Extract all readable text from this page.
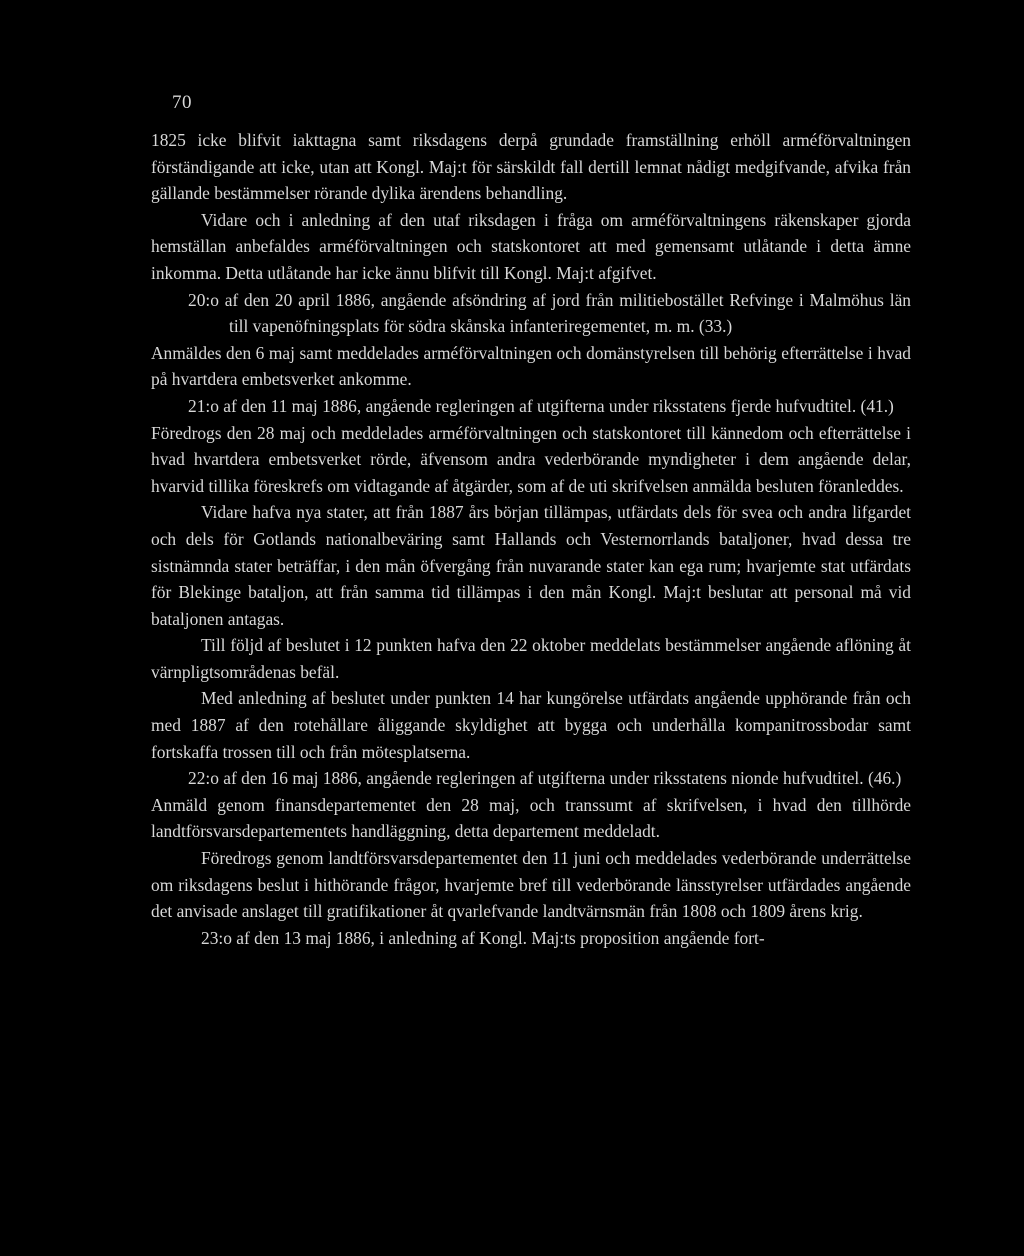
70

1825 icke blifvit iakttagna samt riksdagens derpå grundade framställning erhöll arméförvaltningen förständigande att icke, utan att Kongl. Maj:t för särskildt fall dertill lemnat nådigt medgifvande, afvika från gällande bestämmelser rörande dylika ärendens behandling.

Vidare och i anledning af den utaf riksdagen i fråga om arméförvaltningens räkenskaper gjorda hemställan anbefaldes arméförvaltningen och statskontoret att med gemensamt utlåtande i detta ämne inkomma. Detta utlåtande har icke ännu blifvit till Kongl. Maj:t afgifvet.

20:o af den 20 april 1886, angående afsöndring af jord från militiebostället Refvinge i Malmöhus län till vapenöfningsplats för södra skånska infanteriregementet, m. m. (33.)

Anmäldes den 6 maj samt meddelades arméförvaltningen och domänstyrelsen till behörig efterrättelse i hvad på hvartdera embetsverket ankomme.

21:o af den 11 maj 1886, angående regleringen af utgifterna under riksstatens fjerde hufvudtitel. (41.)

Föredrogs den 28 maj och meddelades arméförvaltningen och statskontoret till kännedom och efterrättelse i hvad hvartdera embetsverket rörde, äfvensom andra vederbörande myndigheter i dem angående delar, hvarvid tillika föreskrefs om vidtagande af åtgärder, som af de uti skrifvelsen anmälda besluten föranleddes.

Vidare hafva nya stater, att från 1887 års början tillämpas, utfärdats dels för svea och andra lifgardet och dels för Gotlands nationalbeväring samt Hallands och Vesternorrlands bataljoner, hvad dessa tre sistnämnda stater beträffar, i den mån öfvergång från nuvarande stater kan ega rum; hvarjemte stat utfärdats för Blekinge bataljon, att från samma tid tillämpas i den mån Kongl. Maj:t beslutar att personal må vid bataljonen antagas.

Till följd af beslutet i 12 punkten hafva den 22 oktober meddelats bestämmelser angående aflöning åt värnpligtsområdenas befäl.

Med anledning af beslutet under punkten 14 har kungörelse utfärdats angående upphörande från och med 1887 af den rotehållare åliggande skyldighet att bygga och underhålla kompanitrossbodar samt fortskaffa trossen till och från mötesplatserna.

22:o af den 16 maj 1886, angående regleringen af utgifterna under riksstatens nionde hufvudtitel. (46.)

Anmäld genom finansdepartementet den 28 maj, och transsumt af skrifvelsen, i hvad den tillhörde landtförsvarsdepartementets handläggning, detta departement meddeladt.

Föredrogs genom landtförsvarsdepartementet den 11 juni och meddelades vederbörande underrättelse om riksdagens beslut i hithörande frågor, hvarjemte bref till vederbörande länsstyrelser utfärdades angående det anvisade anslaget till gratifikationer åt qvarlefvande landtvärnsmän från 1808 och 1809 årens krig.

23:o af den 13 maj 1886, i anledning af Kongl. Maj:ts proposition angående fort-
